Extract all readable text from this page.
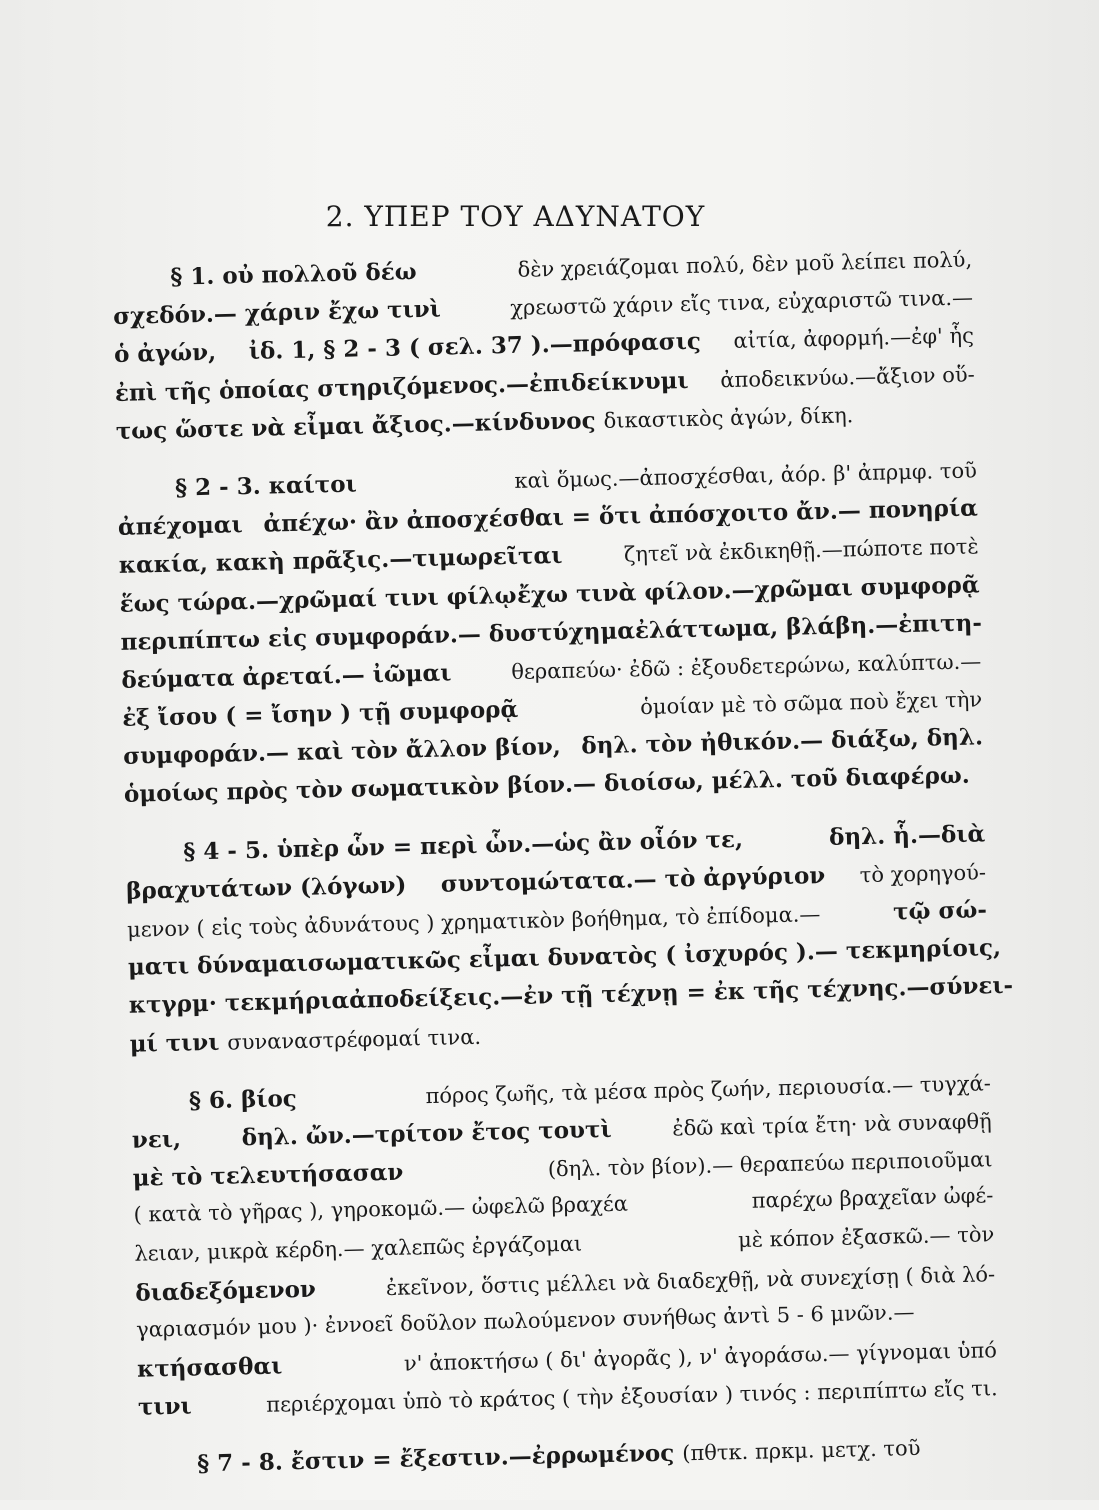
2. ΥΠΕΡ ΤΟΥ ΑΔΥΝΑΤΟΥ
§ 1. οὐ πολλοῦ δέω	δὲν χρειάζομαι πολύ, δὲν μοῦ λείπει πολύ,
σχεδόν.— χάριν ἔχω τινὶ	χρεωστῶ χάριν εἴς τινα, εὐχαριστῶ τινα.—
ὁ ἀγών, ἰδ. 1, § 2 - 3 ( σελ. 37 ).—πρόφασις αἰτία, ἀφορμή.—ἐφ' ἧς
ἐπὶ τῆς ὁποίας στηριζόμενος.—ἐπιδείκνυμι ἀποδεικνύω.—ἄξιον οὕ-
τως ὥστε νὰ εἶμαι ἄξιος.—κίνδυνος δικαστικὸς ἀγών, δίκη.
§ 2 - 3. καίτοι	καὶ ὅμως.—ἀποσχέσθαι, ἀόρ. β' ἀπρμφ. τοῦ
ἀπέχομαι ἀπέχω· ἂν ἀποσχέσθαι = ὅτι ἀπόσχοιτο ἄν.— πονηρία
κακία, κακὴ πρᾶξις.—τιμωρεῖται	ζητεῖ νὰ ἐκδικηθῇ.—πώποτε ποτὲ
ἕως τώρα.—χρῶμαί τινι φίλῳ ἔχω τινὰ φίλον.—χρῶμαι συμφορᾷ
περιπίπτω εἰς συμφοράν.— δυστύχημα ἐλάττωμα, βλάβη.—ἐπιτη-
δεύματα ἀρεταί.— ἰῶμαι	θεραπεύω· ἐδῶ : ἐξουδετερώνω, καλύπτω.—
ἐξ ἴσου ( = ἴσην ) τῇ συμφορᾷ	ὁμοίαν μὲ τὸ σῶμα ποὺ ἔχει τὴν
συμφοράν.— καὶ τὸν ἄλλον βίον, δηλ. τὸν ἠθικόν.— διάξω, δηλ.
ὁμοίως πρὸς τὸν σωματικὸν βίον.— διοίσω, μέλλ. τοῦ διαφέρω.
§ 4 - 5. ὑπὲρ ὧν = περὶ ὧν.—ὡς ἂν οἷόν τε,	δηλ. ἧ.—διὰ
βραχυτάτων (λόγων) συντομώτατα.— τὸ ἀργύριον τὸ χορηγού-
μενον ( εἰς τοὺς ἀδυνάτους ) χρηματικὸν βοήθημα, τὸ ἐπίδομα.—	τῷ σώ-
ματι δύναμαι σωματικῶς εἶμαι δυνατὸς ( ἰσχυρός ).— τεκμηρίοις,
κτγρμ· τεκμήρια ἀποδείξεις.—ἐν τῇ τέχνῃ = ἐκ τῆς τέχνης.—σύνει-
μί τινι συναναστρέφομαί τινα.
§ 6. βίος	πόρος ζωῆς, τὰ μέσα πρὸς ζωήν, περιουσία.— τυγχά-
νει,	δηλ. ὤν.—τρίτον ἔτος τουτὶ	ἐδῶ καὶ τρία ἔτη· νὰ συναφθῇ
μὲ τὸ τελευτήσασαν	(δηλ. τὸν βίον).— θεραπεύω περιποιοῦμαι
( κατὰ τὸ γῆρας ), γηροκομῶ.— ὠφελῶ βραχέα	παρέχω βραχεῖαν ὠφέ-
λειαν, μικρὰ κέρδη.— χαλεπῶς ἐργάζομαι	μὲ κόπον ἐξασκῶ.— τὸν
διαδεξόμενον	ἐκεῖνον, ὅστις μέλλει νὰ διαδεχθῇ, νὰ συνεχίσῃ ( διὰ λό-
γαριασμόν μου )· ἐννοεῖ δοῦλον πωλούμενον συνήθως ἀντὶ 5 - 6 μνῶν.—
κτήσασθαι	ν' ἀποκτήσω ( δι' ἀγορᾶς ), ν' ἀγοράσω.— γίγνομαι ὑπό
τινι	περιέρχομαι ὑπὸ τὸ κράτος ( τὴν ἐξουσίαν ) τινός : περιπίπτω εἴς τι.
§ 7 - 8. ἔστιν = ἔξεστιν.—ἐρρωμένος (πθτκ. πρκμ. μετχ. τοῦ
